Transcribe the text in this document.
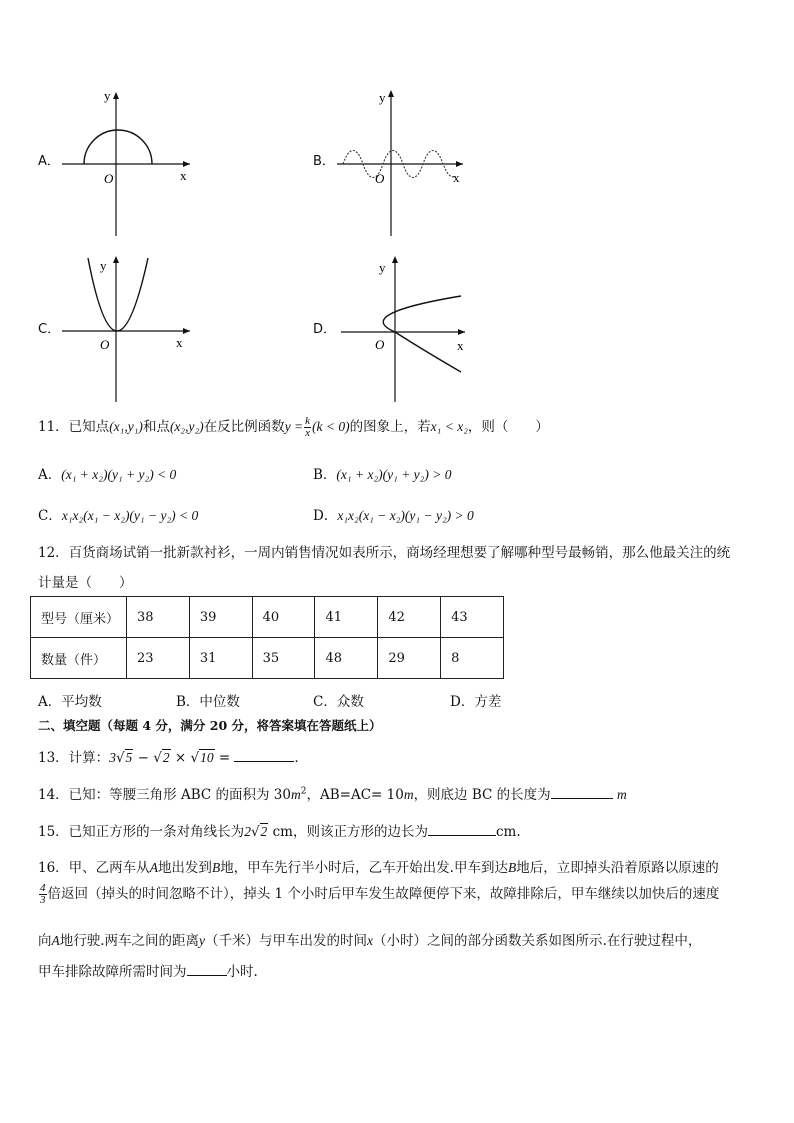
A．
O	x
y
B．
O	x
y
C．
O	x
y
D．
O	x
y
11．已知点(x₁,y₁)和点(x₂,y₂)在反比例函数$y = \frac{k}{x} (k < 0)$的图象上，若x₁ < x₂，则（　　）
A．(x₁ + x₂)(y₁ + y₂) < 0	B．(x₁ + x₂)(y₁ + y₂) > 0
C．x₁x₂(x₁ − x₂)(y₁ − y₂) < 0	D．x₁x₂(x₁ − x₂)(y₁ − y₂) > 0
12．百货商场试销一批新款衬衫，一周内销售情况如表所示，商场经理想要了解哪种型号最畅销，那么他最关注的统
计量是（　　）
型号（厘米）	38	39	40	41	42	43
数量（件）	23	31	35	48	29	8
A．平均数	B．中位数	C．众数	D．方差
二、填空题（每题 4 分，满分 20 分，将答案填在答题纸上）
13．计算：3√5 − √2 × √10 =	．
14．已知：等腰三角形 ABC 的面积为 $30m^2$，AB=AC= 10m，则底边 BC 的长度为	m
15．已知正方形的一条对角线长为2√2 cm，则该正方形的边长为	cm.
16．甲、乙两车从A地出发到B地，甲车先行半小时后，乙车开始出发.甲车到达B地后，立即掉头沿着原路以原速的
$\frac{4}{3}$ 倍返回（掉头的时间忽略不计），掉头 1 个小时后甲车发生故障便停下来，故障排除后，甲车继续以加快后的速度
向A地行驶.两车之间的距离y（千米）与甲车出发的时间x（小时）之间的部分函数关系如图所示.在行驶过程中，
甲车排除故障所需时间为	小时.
